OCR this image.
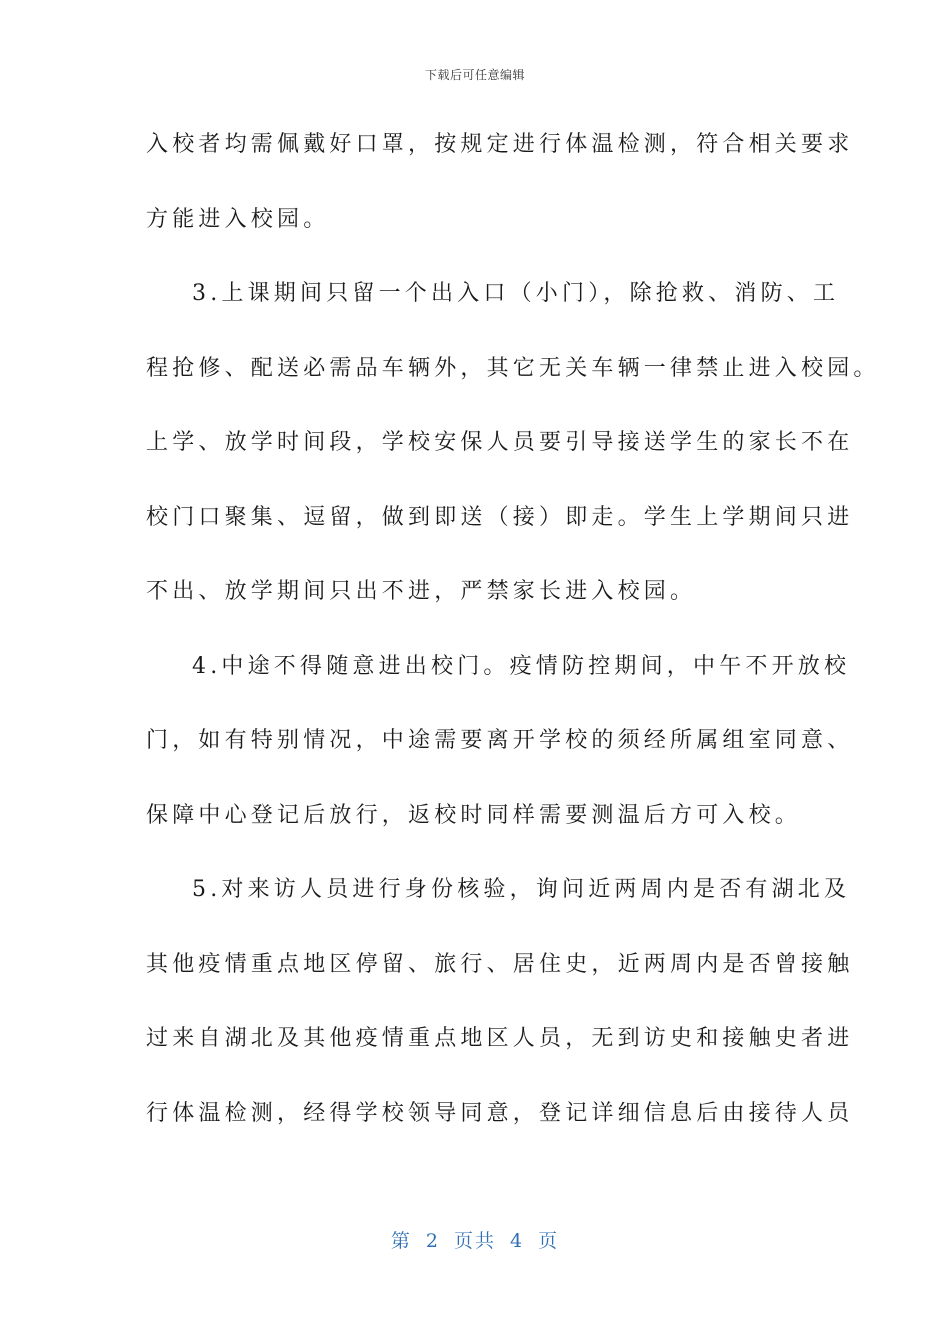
下载后可任意编辑
入校者均需佩戴好口罩，按规定进行体温检测，符合相关要求
方能进入校园。
3.上课期间只留一个出入口（小门），除抢救、消防、工
程抢修、配送必需品车辆外，其它无关车辆一律禁止进入校园。
上学、放学时间段，学校安保人员要引导接送学生的家长不在
校门口聚集、逗留，做到即送（接）即走。学生上学期间只进
不出、放学期间只出不进，严禁家长进入校园。
4.中途不得随意进出校门。疫情防控期间，中午不开放校
门，如有特别情况，中途需要离开学校的须经所属组室同意、
保障中心登记后放行，返校时同样需要测温后方可入校。
5.对来访人员进行身份核验，询问近两周内是否有湖北及
其他疫情重点地区停留、旅行、居住史，近两周内是否曾接触
过来自湖北及其他疫情重点地区人员，无到访史和接触史者进
行体温检测，经得学校领导同意，登记详细信息后由接待人员
第 2 页共 4 页
